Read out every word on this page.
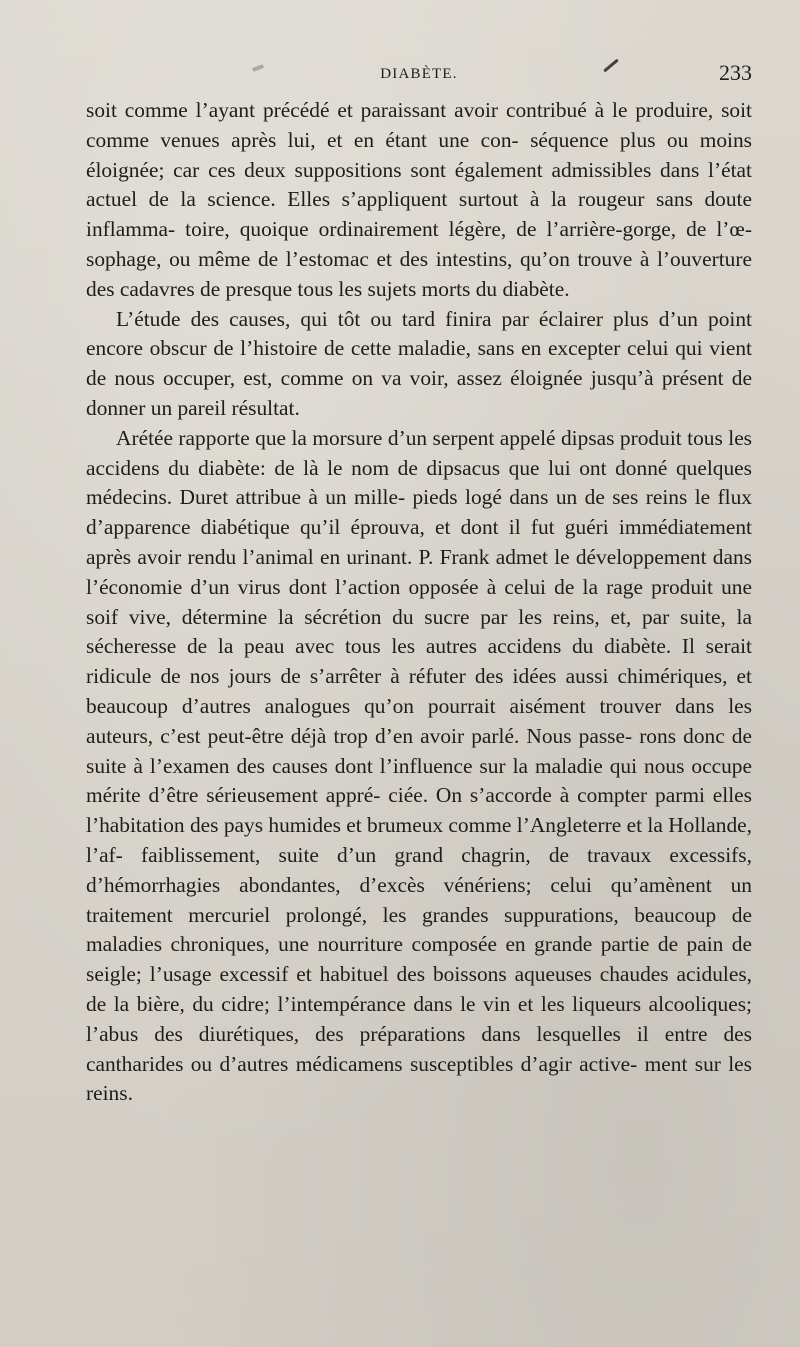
DIABÈTE.	233

soit comme l’ayant précédé et paraissant avoir contribué à le produire, soit comme venues après lui, et en étant une con- séquence plus ou moins éloignée; car ces deux suppositions sont également admissibles dans l’état actuel de la science. Elles s’appliquent surtout à la rougeur sans doute inflamma- toire, quoique ordinairement légère, de l’arrière-gorge, de l’œ- sophage, ou même de l’estomac et des intestins, qu’on trouve à l’ouverture des cadavres de presque tous les sujets morts du diabète.

L’étude des causes, qui tôt ou tard finira par éclairer plus d’un point encore obscur de l’histoire de cette maladie, sans en excepter celui qui vient de nous occuper, est, comme on va voir, assez éloignée jusqu’à présent de donner un pareil résultat.

Arétée rapporte que la morsure d’un serpent appelé dipsas produit tous les accidens du diabète: de là le nom de dipsacus que lui ont donné quelques médecins. Duret attribue à un mille- pieds logé dans un de ses reins le flux d’apparence diabétique qu’il éprouva, et dont il fut guéri immédiatement après avoir rendu l’animal en urinant. P. Frank admet le développement dans l’économie d’un virus dont l’action opposée à celui de la rage produit une soif vive, détermine la sécrétion du sucre par les reins, et, par suite, la sécheresse de la peau avec tous les autres accidens du diabète. Il serait ridicule de nos jours de s’arrêter à réfuter des idées aussi chimériques, et beaucoup d’autres analogues qu’on pourrait aisément trouver dans les auteurs, c’est peut-être déjà trop d’en avoir parlé. Nous passe- rons donc de suite à l’examen des causes dont l’influence sur la maladie qui nous occupe mérite d’être sérieusement appré- ciée. On s’accorde à compter parmi elles l’habitation des pays humides et brumeux comme l’Angleterre et la Hollande, l’af- faiblissement, suite d’un grand chagrin, de travaux excessifs, d’hémorrhagies abondantes, d’excès vénériens; celui qu’amènent un traitement mercuriel prolongé, les grandes suppurations, beaucoup de maladies chroniques, une nourriture composée en grande partie de pain de seigle; l’usage excessif et habituel des boissons aqueuses chaudes acidules, de la bière, du cidre; l’intempérance dans le vin et les liqueurs alcooliques; l’abus des diurétiques, des préparations dans lesquelles il entre des cantharides ou d’autres médicamens susceptibles d’agir active- ment sur les reins.
